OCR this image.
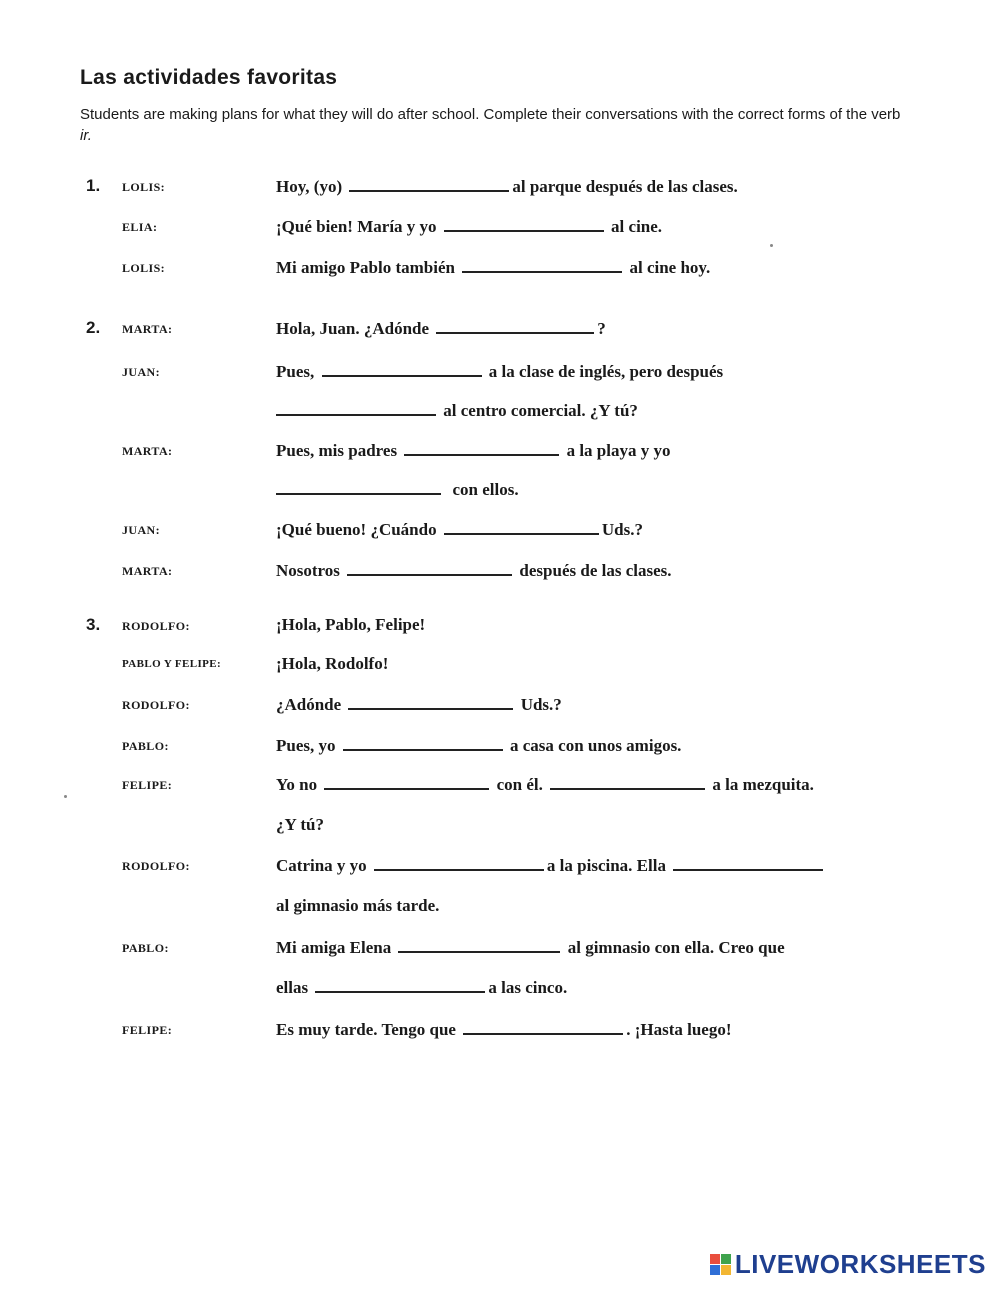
Las actividades favoritas
Students are making plans for what they will do after school. Complete their conversations with the correct forms of the verb ir.
1. LOLIS:	Hoy, (yo)	al parque después de las clases.
ELIA:	¡Qué bien! María y yo	al cine.
LOLIS:	Mi amigo Pablo también	al cine hoy.
2. MARTA:	Hola, Juan. ¿Adónde	?
JUAN:	Pues,	a la clase de inglés, pero después
al centro comercial. ¿Y tú?
MARTA:	Pues, mis padres	a la playa y yo
con ellos.
JUAN:	¡Qué bueno! ¿Cuándo	Uds.?
MARTA:	Nosotros	después de las clases.
3. RODOLFO:	¡Hola, Pablo, Felipe!
PABLO Y FELIPE:	¡Hola, Rodolfo!
RODOLFO:	¿Adónde	Uds.?
PABLO:	Pues, yo	a casa con unos amigos.
FELIPE:	Yo no	con él.	a la mezquita.
¿Y tú?
RODOLFO:	Catrina y yo	a la piscina. Ella
al gimnasio más tarde.
PABLO:	Mi amiga Elena	al gimnasio con ella. Creo que
ellas	a las cinco.
FELIPE:	Es muy tarde. Tengo que	. ¡Hasta luego!
LIVEWORKSHEETS
